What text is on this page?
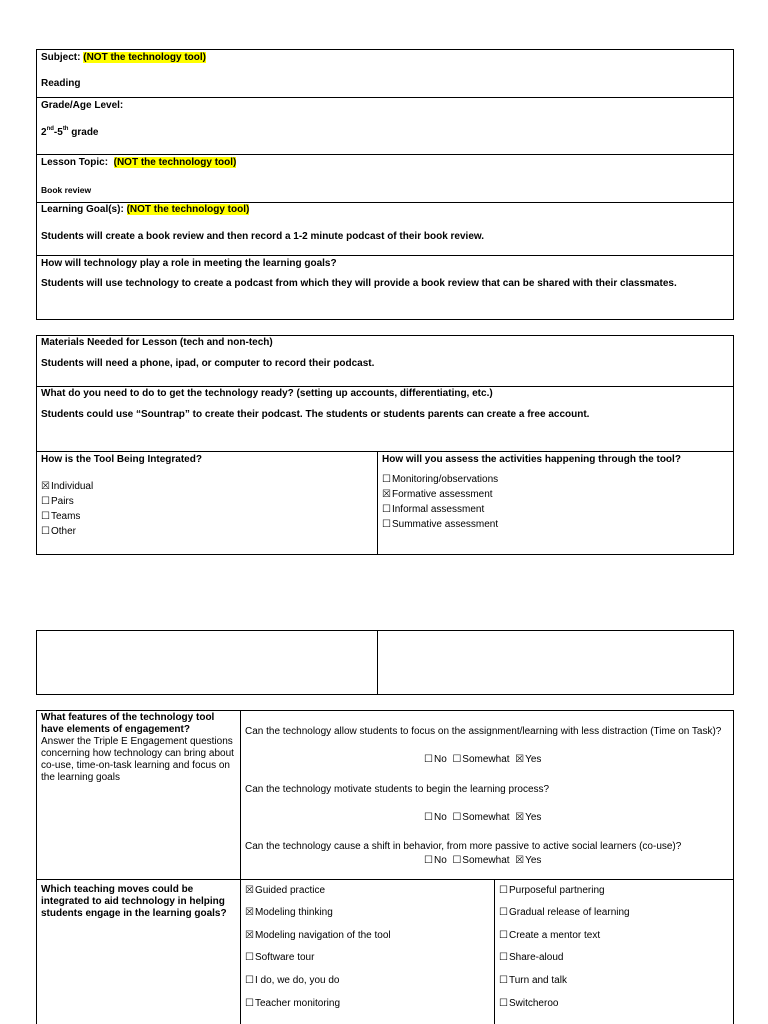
Subject: (NOT the technology tool)
Reading
Grade/Age Level:
2nd-5th grade
Lesson Topic: (NOT the technology tool)
Book review
Learning Goal(s): (NOT the technology tool)
Students will create a book review and then record a 1-2 minute podcast of their book review.
How will technology play a role in meeting the learning goals?
Students will use technology to create a podcast from which they will provide a book review that can be shared with their classmates.
Materials Needed for Lesson (tech and non-tech)
Students will need a phone, ipad, or computer to record their podcast.
What do you need to do to get the technology ready? (setting up accounts, differentiating, etc.)
Students could use “Sountrap” to create their podcast. The students or students parents can create a free account.
How is the Tool Being Integrated?
☒Individual
☐Pairs
☐Teams
☐Other
How will you assess the activities happening through the tool?
☐Monitoring/observations
☒Formative assessment
☐Informal assessment
☐Summative assessment
What features of the technology tool have elements of engagement?
Answer the Triple E Engagement questions concerning how technology can bring about co-use, time-on-task learning and focus on the learning goals
Can the technology allow students to focus on the assignment/learning with less distraction (Time on Task)?
☐No ☐Somewhat ☒Yes
Can the technology motivate students to begin the learning process?
☐No ☐Somewhat ☒Yes
Can the technology cause a shift in behavior, from more passive to active social learners (co-use)?
☐No ☐Somewhat ☒Yes
Which teaching moves could be integrated to aid technology in helping students engage in the learning goals?
☒Guided practice
☒Modeling thinking
☒Modeling navigation of the tool
☐Software tour
☐I do, we do, you do
☐Teacher monitoring
☐Purposeful partnering
☐Gradual release of learning
☐Create a mentor text
☐Share-aloud
☐Turn and talk
☐Switcheroo
